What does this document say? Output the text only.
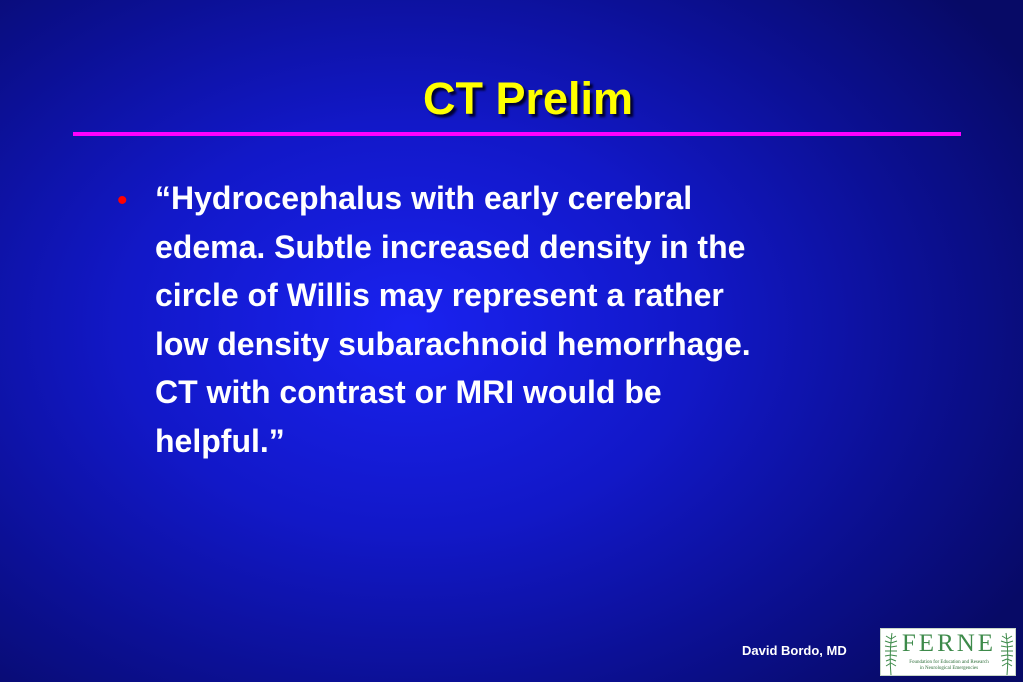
CT Prelim
• “Hydrocephalus with early cerebral
edema. Subtle increased density in the
circle of Willis may represent a rather
low density subarachnoid hemorrhage.
CT with contrast or MRI would be
helpful.”
David Bordo, MD FERNE
Foundation for Education and Research
in Neurological Emergencies
